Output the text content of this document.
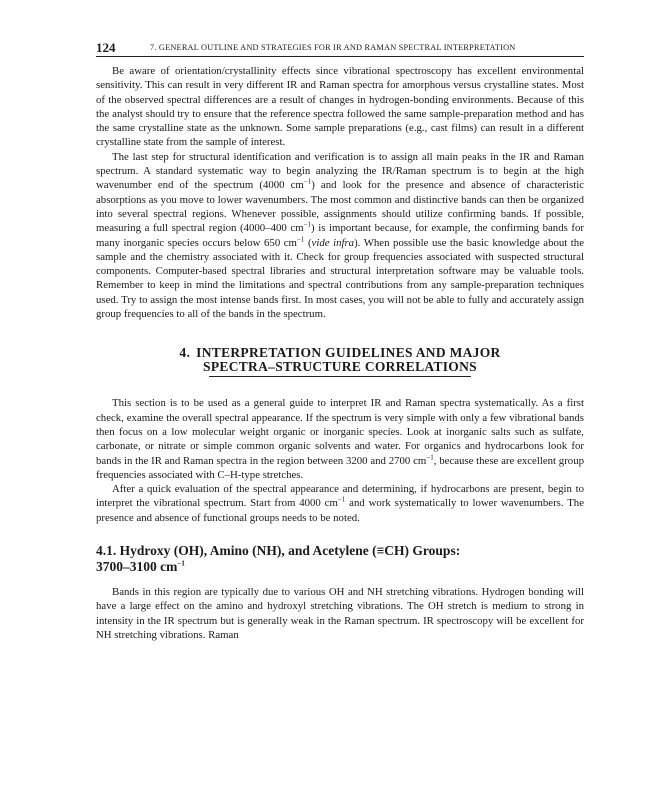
124	7. GENERAL OUTLINE AND STRATEGIES FOR IR AND RAMAN SPECTRAL INTERPRETATION

Be aware of orientation/crystallinity effects since vibrational spectroscopy has excellent environmental sensitivity. This can result in very different IR and Raman spectra for amorphous versus crystalline states. Most of the observed spectral differences are a result of changes in hydrogen-bonding environments. Because of this the analyst should try to ensure that the reference spectra followed the same sample-preparation method and has the same crystalline state as the unknown. Some sample preparations (e.g., cast films) can result in a different crystalline state from the sample of interest.

The last step for structural identification and verification is to assign all main peaks in the IR and Raman spectrum. A standard systematic way to begin analyzing the IR/Raman spectrum is to begin at the high wavenumber end of the spectrum (4000 $cm^{-1}$) and look for the presence and absence of characteristic absorptions as you move to lower wavenumbers. The most common and distinctive bands can then be organized into several spectral regions. Whenever possible, assignments should utilize confirming bands. If possible, measuring a full spectral region (4000–400 $cm^{-1}$) is important because, for example, the confirming bands for many inorganic species occurs below 650 $cm^{-1}$ (vide infra). When possible use the basic knowledge about the sample and the chemistry associated with it. Check for group frequencies associated with suspected structural components. Computer-based spectral libraries and structural interpretation software may be valuable tools. Remember to keep in mind the limitations and spectral contributions from any sample-preparation techniques used. Try to assign the most intense bands first. In most cases, you will not be able to fully and accurately assign group frequencies to all of the bands in the spectrum.

4. INTERPRETATION GUIDELINES AND MAJOR
SPECTRA–STRUCTURE CORRELATIONS

This section is to be used as a general guide to interpret IR and Raman spectra systematically. As a first check, examine the overall spectral appearance. If the spectrum is very simple with only a few vibrational bands then focus on a low molecular weight organic or inorganic species. Look at inorganic salts such as sulfate, carbonate, or nitrate or simple common organic solvents and water. For organics and hydrocarbons look for bands in the IR and Raman spectra in the region between 3200 and 2700 $cm^{-1}$, because these are excellent group frequencies associated with C–H-type stretches.

After a quick evaluation of the spectral appearance and determining, if hydrocarbons are present, begin to interpret the vibrational spectrum. Start from 4000 $cm^{-1}$ and work systematically to lower wavenumbers. The presence and absence of functional groups needs to be noted.

4.1. Hydroxy (OH), Amino (NH), and Acetylene (≡CH) Groups:
3700–3100 $cm^{-1}$

Bands in this region are typically due to various OH and NH stretching vibrations. Hydrogen bonding will have a large effect on the amino and hydroxyl stretching vibrations. The OH stretch is medium to strong in intensity in the IR spectrum but is generally weak in the Raman spectrum. IR spectroscopy will be excellent for NH stretching vibrations. Raman
